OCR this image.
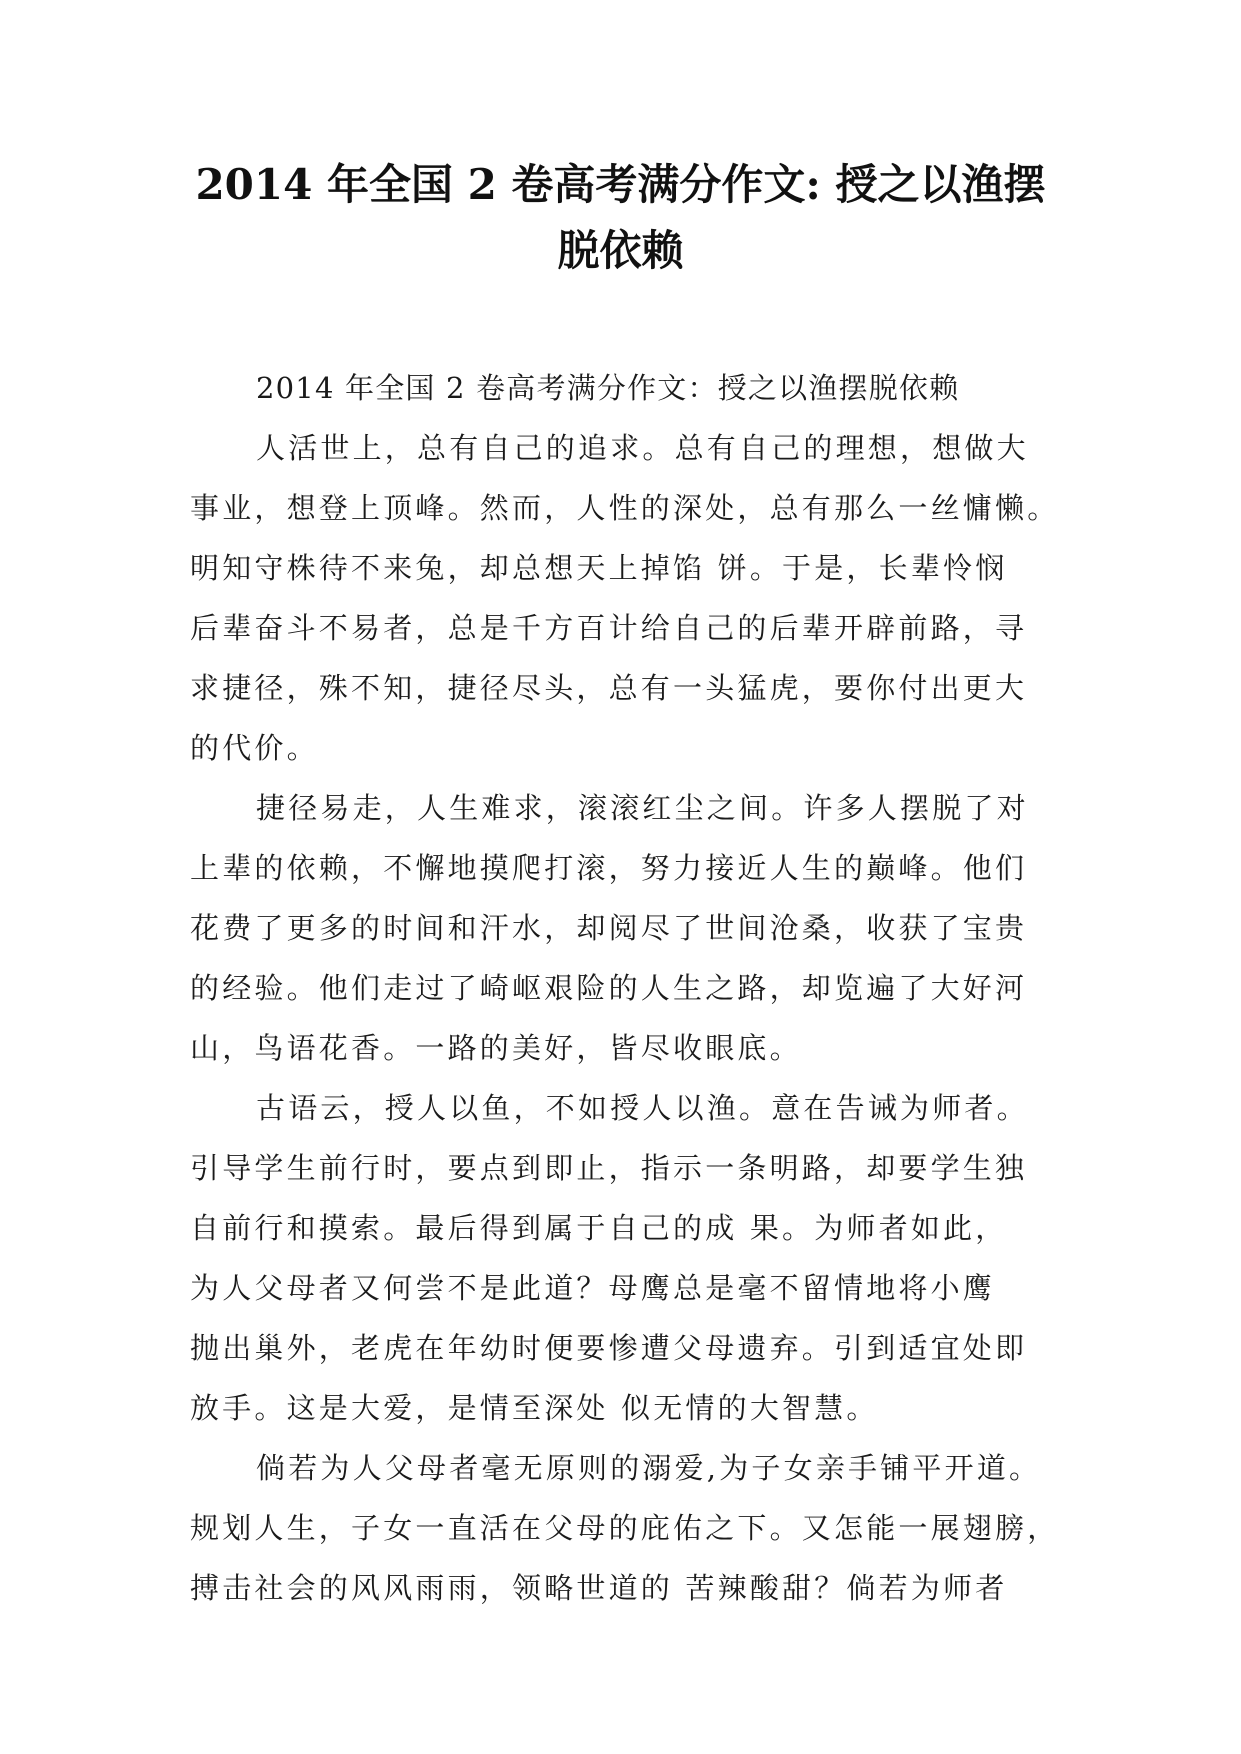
2014 年全国 2 卷高考满分作文: 授之以渔摆
脱依赖

2014 年全国 2 卷高考满分作文：授之以渔摆脱依赖

人活世上，总有自己的追求。总有自己的理想，想做大

事业，想登上顶峰。然而，人性的深处，总有那么一丝慵懒。

明知守株待不来兔，却总想天上掉馅 饼。于是，长辈怜悯

后辈奋斗不易者，总是千方百计给自己的后辈开辟前路，寻

求捷径，殊不知，捷径尽头，总有一头猛虎，要你付出更大

的代价。

捷径易走，人生难求，滚滚红尘之间。许多人摆脱了对

上辈的依赖，不懈地摸爬打滚，努力接近人生的巅峰。他们

花费了更多的时间和汗水，却阅尽了世间沧桑，收获了宝贵

的经验。他们走过了崎岖艰险的人生之路，却览遍了大好河

山，鸟语花香。一路的美好，皆尽收眼底。

古语云，授人以鱼，不如授人以渔。意在告诫为师者。

引导学生前行时，要点到即止，指示一条明路，却要学生独

自前行和摸索。最后得到属于自己的成 果。为师者如此，

为人父母者又何尝不是此道？母鹰总是毫不留情地将小鹰

抛出巢外，老虎在年幼时便要惨遭父母遗弃。引到适宜处即

放手。这是大爱，是情至深处 似无情的大智慧。

倘若为人父母者毫无原则的溺爱,为子女亲手铺平开道。

规划人生，子女一直活在父母的庇佑之下。又怎能一展翅膀，

搏击社会的风风雨雨，领略世道的 苦辣酸甜？倘若为师者
